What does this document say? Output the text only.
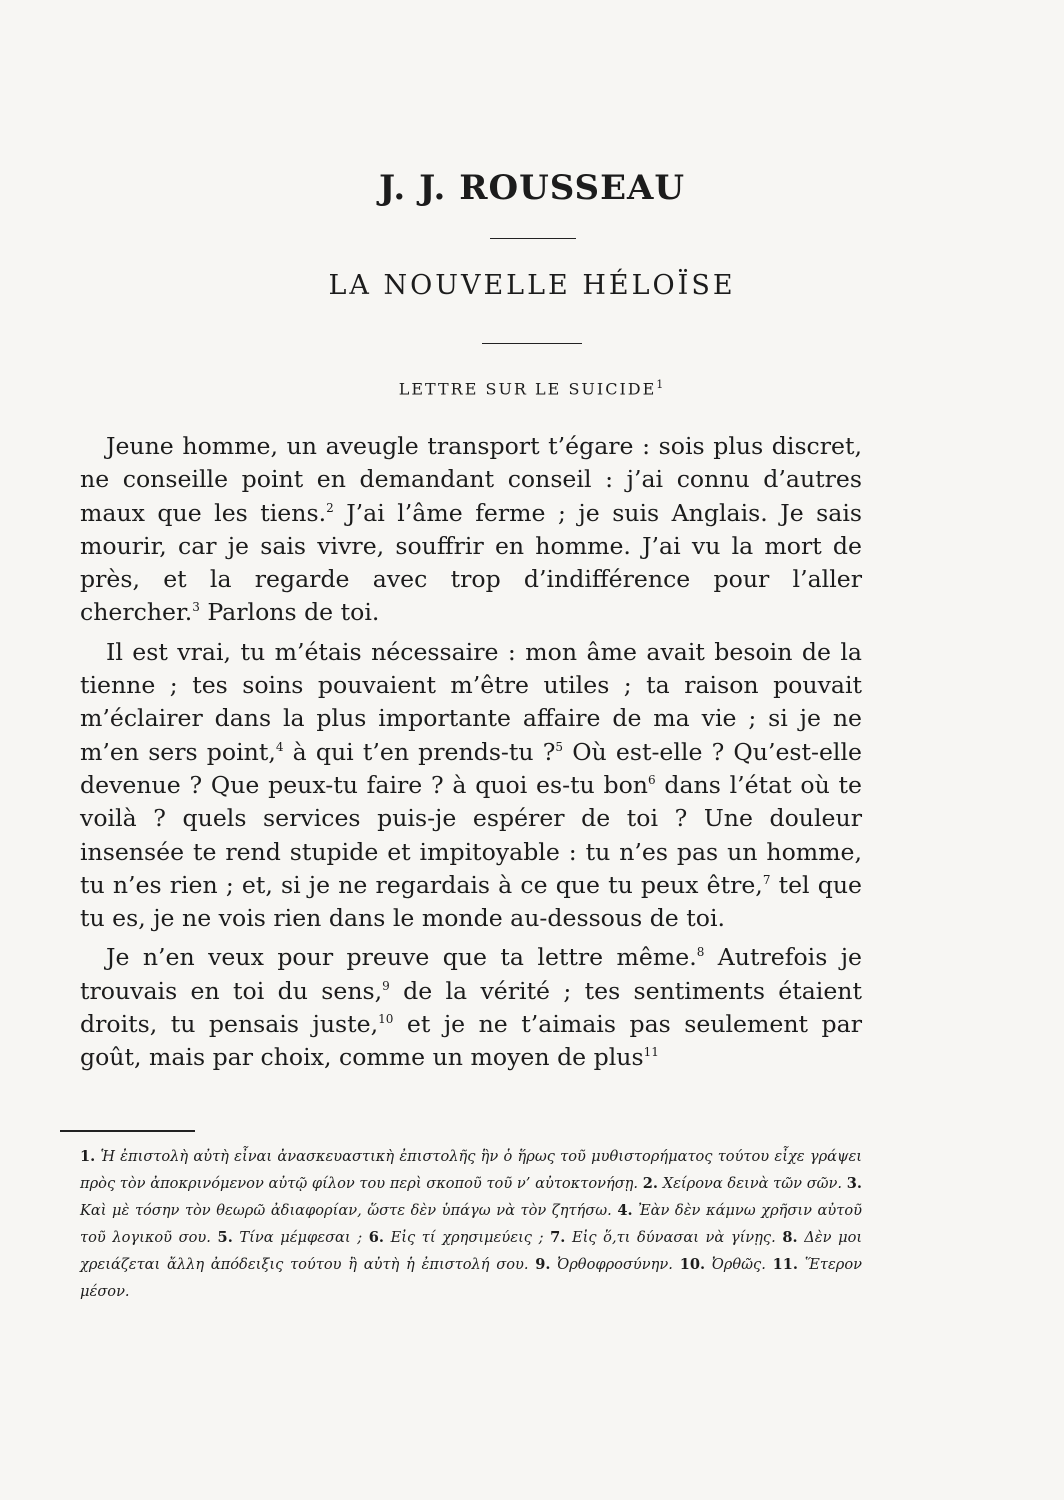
J. J. ROUSSEAU
LA NOUVELLE HÉLOÏSE
LETTRE SUR LE SUICIDE$^1$

Jeune homme, un aveugle transport t’égare : sois plus discret, ne conseille point en demandant conseil : j’ai connu d’autres maux que les tiens.$^2$ J’ai l’âme ferme ; je suis Anglais. Je sais mourir, car je sais vivre, souffrir en homme. J’ai vu la mort de près, et la regarde avec trop d’indifférence pour l’aller chercher.$^3$ Parlons de toi.

Il est vrai, tu m’étais nécessaire : mon âme avait besoin de la tienne ; tes soins pouvaient m’être utiles ; ta raison pouvait m’éclairer dans la plus importante affaire de ma vie ; si je ne m’en sers point,$^4$ à qui t’en prends-tu ?$^5$ Où est-elle ? Qu’est-elle devenue ? Que peux-tu faire ? à quoi es-tu bon$^6$ dans l’état où te voilà ? quels services puis-je espérer de toi ? Une douleur insensée te rend stupide et impitoyable : tu n’es pas un homme, tu n’es rien ; et, si je ne regardais à ce que tu peux être,$^7$ tel que tu es, je ne vois rien dans le monde au-dessous de toi.

Je n’en veux pour preuve que ta lettre même.$^8$ Autrefois je trouvais en toi du sens,$^9$ de la vérité ; tes sentiments étaient droits, tu pensais juste,$^{10}$ et je ne t’aimais pas seulement par goût, mais par choix, comme un moyen de plus$^{11}$

1. Ἡ ἐπιστολὴ αὐτὴ εἶναι ἀνασκευαστικὴ ἐπιστολῆς ἣν ὁ ἥρως τοῦ μυθιστορήματος τούτου εἶχε γράψει πρὸς τὸν ἀποκρινόμενον αὐτῷ φίλον του περὶ σκοποῦ τοῦ ν’ αὐτοκτονήσῃ. 2. Χείρονα δεινὰ τῶν σῶν. 3. Καὶ μὲ τόσην τὸν θεωρῶ ἀδιαφορίαν, ὥστε δὲν ὑπάγω νὰ τὸν ζητήσω. 4. Ἐὰν δὲν κάμνω χρῆσιν αὐτοῦ τοῦ λογικοῦ σου. 5. Τίνα μέμφεσαι ; 6. Εἰς τί χρησιμεύεις ; 7. Εἰς ὅ,τι δύνασαι νὰ γίνῃς. 8. Δὲν μοι χρειάζεται ἄλλη ἀπόδειξις τούτου ἢ αὐτὴ ἡ ἐπιστολή σου. 9. Ὀρθοφροσύνην. 10. Ὀρθῶς. 11. Ἕτερον μέσον.
